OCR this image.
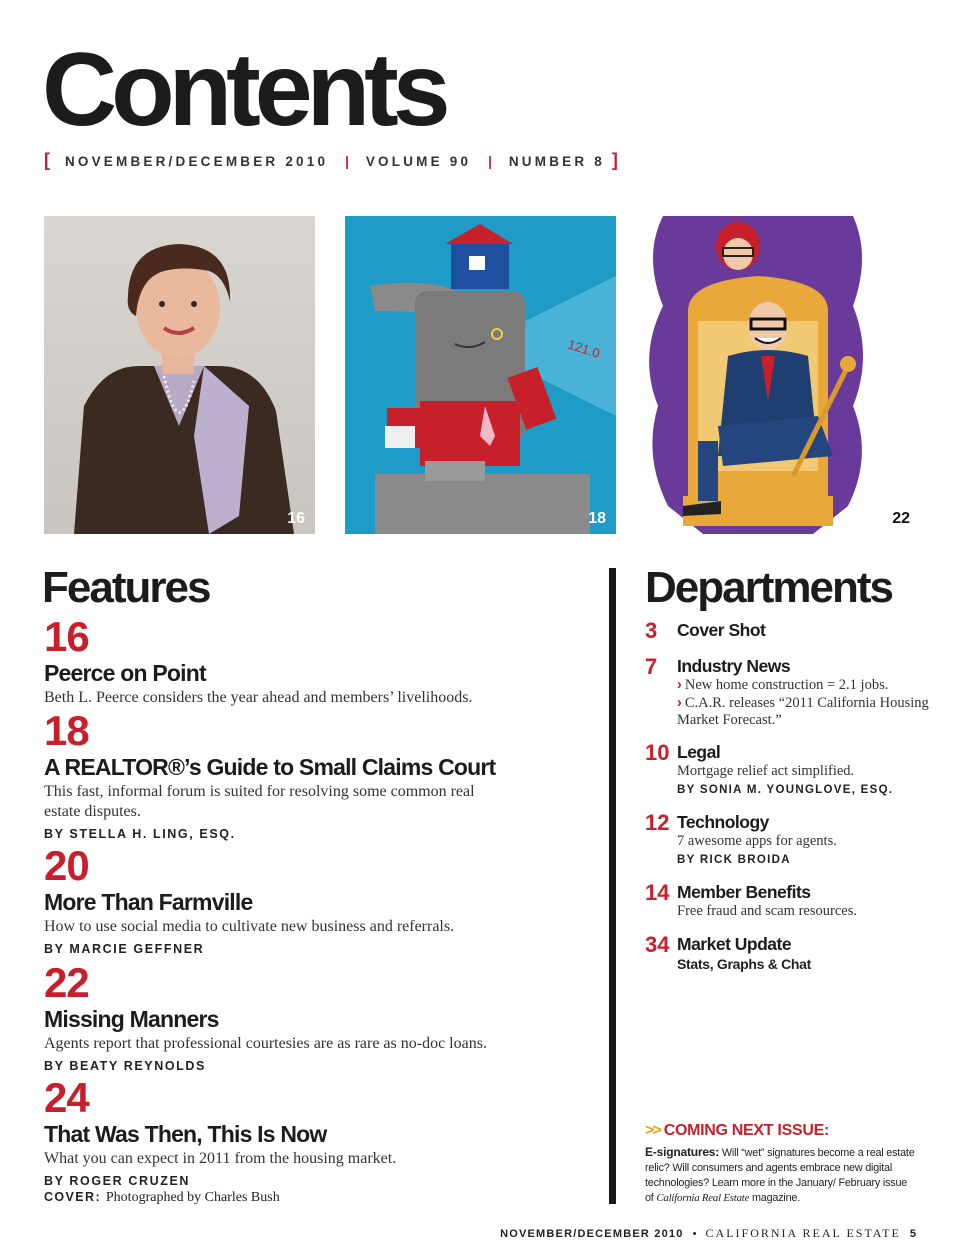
Contents
[ NOVEMBER/DECEMBER 2010 | VOLUME 90 | NUMBER 8 ]
16
121.0
18	22
Features
16
Peerce on Point
Beth L. Peerce considers the year ahead and members’ livelihoods.
18
A REALTOR®’s Guide to Small Claims Court
This fast, informal forum is suited for resolving some common real estate disputes.
BY STELLA H. LING, ESQ.
20
More Than Farmville
How to use social media to cultivate new business and referrals.
BY MARCIE GEFFNER
22
Missing Manners
Agents report that professional courtesies are as rare as no-doc loans.
BY BEATY REYNOLDS
24
That Was Then, This Is Now
What you can expect in 2011 from the housing market.
BY ROGER CRUZEN
COVER: Photographed by Charles Bush
Departments
3 Cover Shot
7 Industry News
› New home construction = 2.1 jobs.
› C.A.R. releases “2011 California Housing Market Forecast.”
10 Legal
Mortgage relief act simplified.
BY SONIA M. YOUNGLOVE, ESQ.
12 Technology
7 awesome apps for agents.
BY RICK BROIDA
14 Member Benefits
Free fraud and scam resources.
34 Market Update
Stats, Graphs & Chat
>> COMING NEXT ISSUE:
E-signatures: Will “wet” signatures become a real estate relic? Will consumers and agents embrace new digital technologies? Learn more in the January/ February issue of California Real Estate magazine.
NOVEMBER/DECEMBER 2010 • CALIFORNIA REAL ESTATE 5
